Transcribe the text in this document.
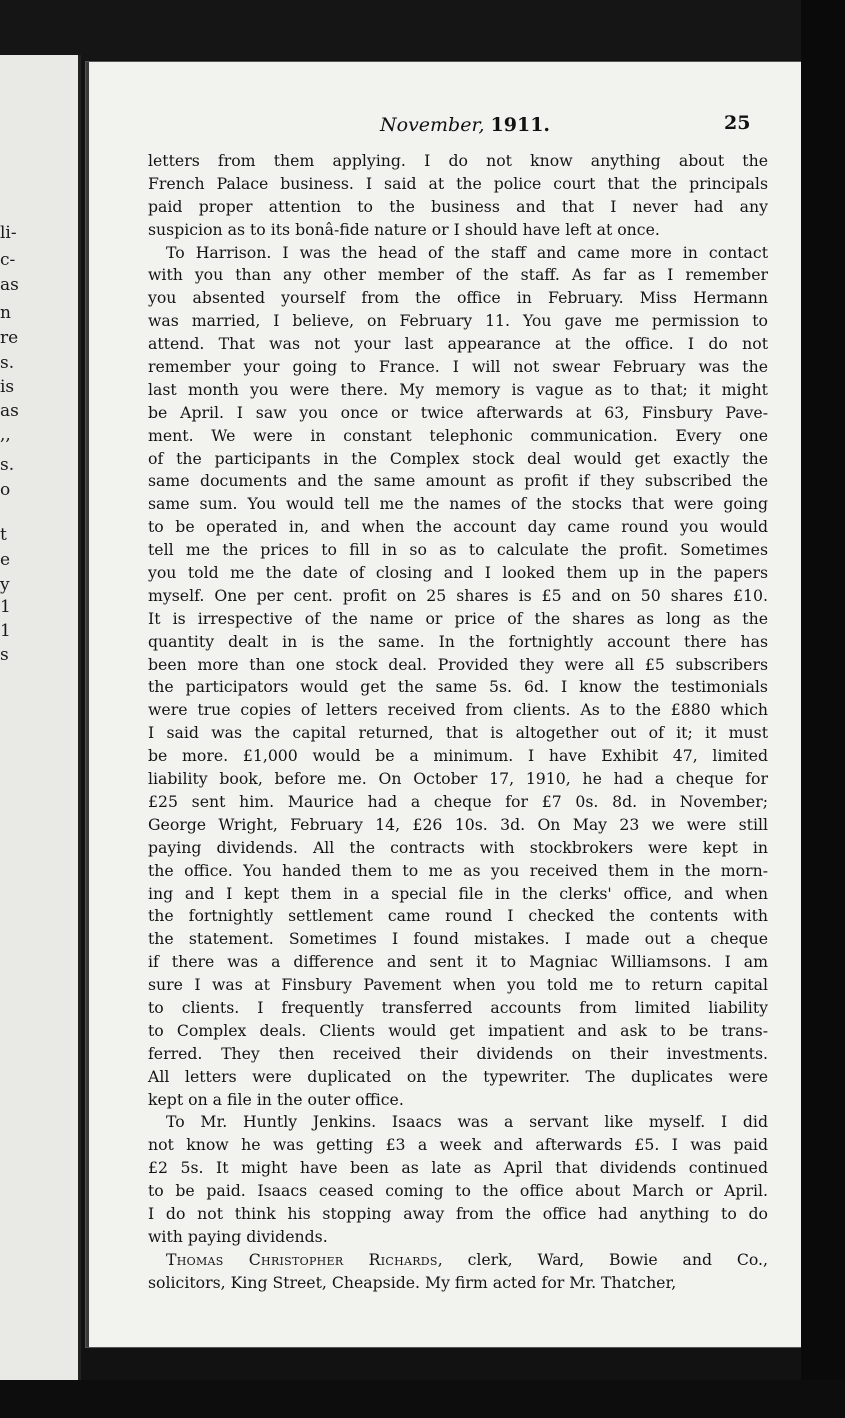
li-
c-
as
n
re
s.
is
as
,,
s.
o
t
e
y
1
1
s
November, 1911.	25
letters from them applying. I do not know anything about the
French Palace business. I said at the police court that the principals
paid proper attention to the business and that I never had any
suspicion as to its bonâ-fide nature or I should have left at once.
To Harrison. I was the head of the staff and came more in contact
with you than any other member of the staff. As far as I remember
you absented yourself from the office in February. Miss Hermann
was married, I believe, on February 11. You gave me permission to
attend. That was not your last appearance at the office. I do not
remember your going to France. I will not swear February was the
last month you were there. My memory is vague as to that; it might
be April. I saw you once or twice afterwards at 63, Finsbury Pave-
ment. We were in constant telephonic communication. Every one
of the participants in the Complex stock deal would get exactly the
same documents and the same amount as profit if they subscribed the
same sum. You would tell me the names of the stocks that were going
to be operated in, and when the account day came round you would
tell me the prices to fill in so as to calculate the profit. Sometimes
you told me the date of closing and I looked them up in the papers
myself. One per cent. profit on 25 shares is £5 and on 50 shares £10.
It is irrespective of the name or price of the shares as long as the
quantity dealt in is the same. In the fortnightly account there has
been more than one stock deal. Provided they were all £5 subscribers
the participators would get the same 5s. 6d. I know the testimonials
were true copies of letters received from clients. As to the £880 which
I said was the capital returned, that is altogether out of it; it must
be more. £1,000 would be a minimum. I have Exhibit 47, limited
liability book, before me. On October 17, 1910, he had a cheque for
£25 sent him. Maurice had a cheque for £7 0s. 8d. in November;
George Wright, February 14, £26 10s. 3d. On May 23 we were still
paying dividends. All the contracts with stockbrokers were kept in
the office. You handed them to me as you received them in the morn-
ing and I kept them in a special file in the clerks' office, and when
the fortnightly settlement came round I checked the contents with
the statement. Sometimes I found mistakes. I made out a cheque
if there was a difference and sent it to Magniac Williamsons. I am
sure I was at Finsbury Pavement when you told me to return capital
to clients. I frequently transferred accounts from limited liability
to Complex deals. Clients would get impatient and ask to be trans-
ferred. They then received their dividends on their investments.
All letters were duplicated on the typewriter. The duplicates were
kept on a file in the outer office.
To Mr. Huntly Jenkins. Isaacs was a servant like myself. I did
not know he was getting £3 a week and afterwards £5. I was paid
£2 5s. It might have been as late as April that dividends continued
to be paid. Isaacs ceased coming to the office about March or April.
I do not think his stopping away from the office had anything to do
with paying dividends.
Thomas Christopher Richards, clerk, Ward, Bowie and Co.,
solicitors, King Street, Cheapside. My firm acted for Mr. Thatcher,
